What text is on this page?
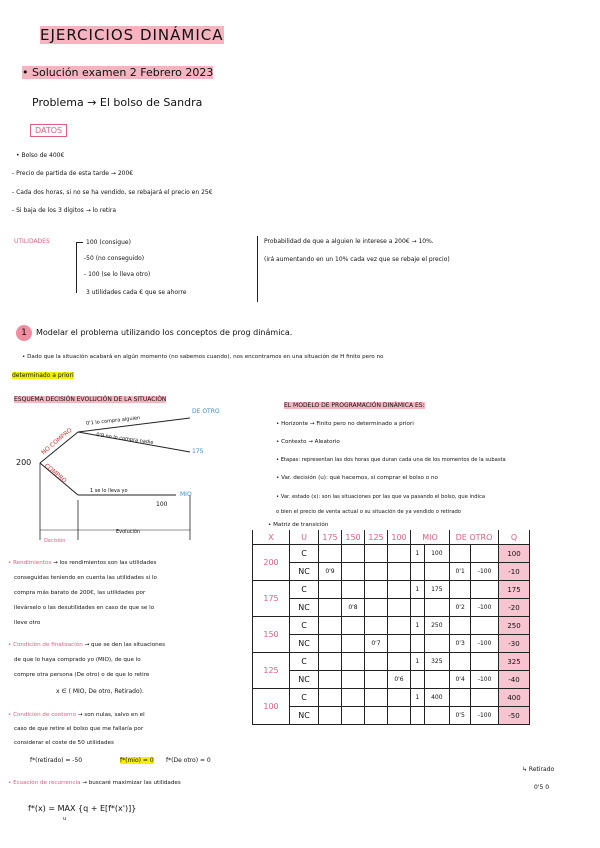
EJERCICIOS DINÁMICA
• Solución examen 2 Febrero 2023
Problema → El bolso de Sandra
DATOS
• Bolso de 400€
- Precio de partida de esta tarde → 200€
- Cada dos horas, si no se ha vendido, se rebajará el precio en 25€
- Si baja de los 3 dígitos → lo retira
UTILIDADES	100 (consigue)
-50 (no conseguido)
- 100 (se lo lleva otro)
3 utilidades cada € que se ahorre
Probabilidad de que a alguien le interese a 200€ → 10%.
(irá aumentando en un 10% cada vez que se rebaje el precio)
1	Modelar el problema utilizando los conceptos de prog dinámica.
• Dado que la situación acabará en algún momento (no sabemos cuando), nos encontramos en una situación de H finito pero no
determinado a priori
ESQUEMA DECISIÓN EVOLUCIÓN DE LA SITUACIÓN
200
NO COMPRO
COMPRO
0'1 lo compra alguien
0'9 no lo compra nadie
1 se lo lleva yo
DE OTRO
175
MIO
100
Decisión
Evolución
EL MODELO DE PROGRAMACIÓN DINÁMICA ES:
• Horizonte → Finito pero no determinado a priori
• Contexto → Aleatorio
• Etapas: representan las dos horas que duran cada una de los momentos de la subasta
• Var. decisión (u): qué hacemos, si comprar el bolso o no
• Var. estado (x): son las situaciones por las que va pasando el bolso, que indica
o bien el precio de venta actual o su situación de ya vendido o retirado
• Matriz de transición
X	U	175	150	125	100	MIO		DE OTRO		Q
200	C					1	100			100
	NC	0'9						0'1	-100	-10
175	C					1	175			175
	NC		0'8					0'2	-100	-20
150	C					1	250			250
	NC			0'7				0'3	-100	-30
125	C					1	325			325
	NC				0'6			0'4	-100	-40
100	C					1	400			400
	NC							0'5	-100	-50
↳ Retirado
0'5 0
• Rendimientos → los rendimientos son las utilidades
conseguidas teniendo en cuenta las utilidades si lo
compra más barato de 200€, las utilidades por
llevárselo o las desutilidades en caso de que se lo
lleve otro
• Condición de finalización → que se den las situaciones
de que lo haya comprado yo (MIO), de que lo
compre otra persona (De otro) o de que lo retire
x ∈ ( MIO, De otro, Retirado).
• Condición de contorno → son nulas, salvo en el
caso de que retire el bolso que me fallaría por
considerar el coste de 50 utilidades
f*(retirado) = -50	f*(mio) = 0 f*(De otro) = 0
• Ecuación de recurrencia → buscaré maximizar las utilidades
f*(x) = MAX {q + E[f*(x')]}
u
